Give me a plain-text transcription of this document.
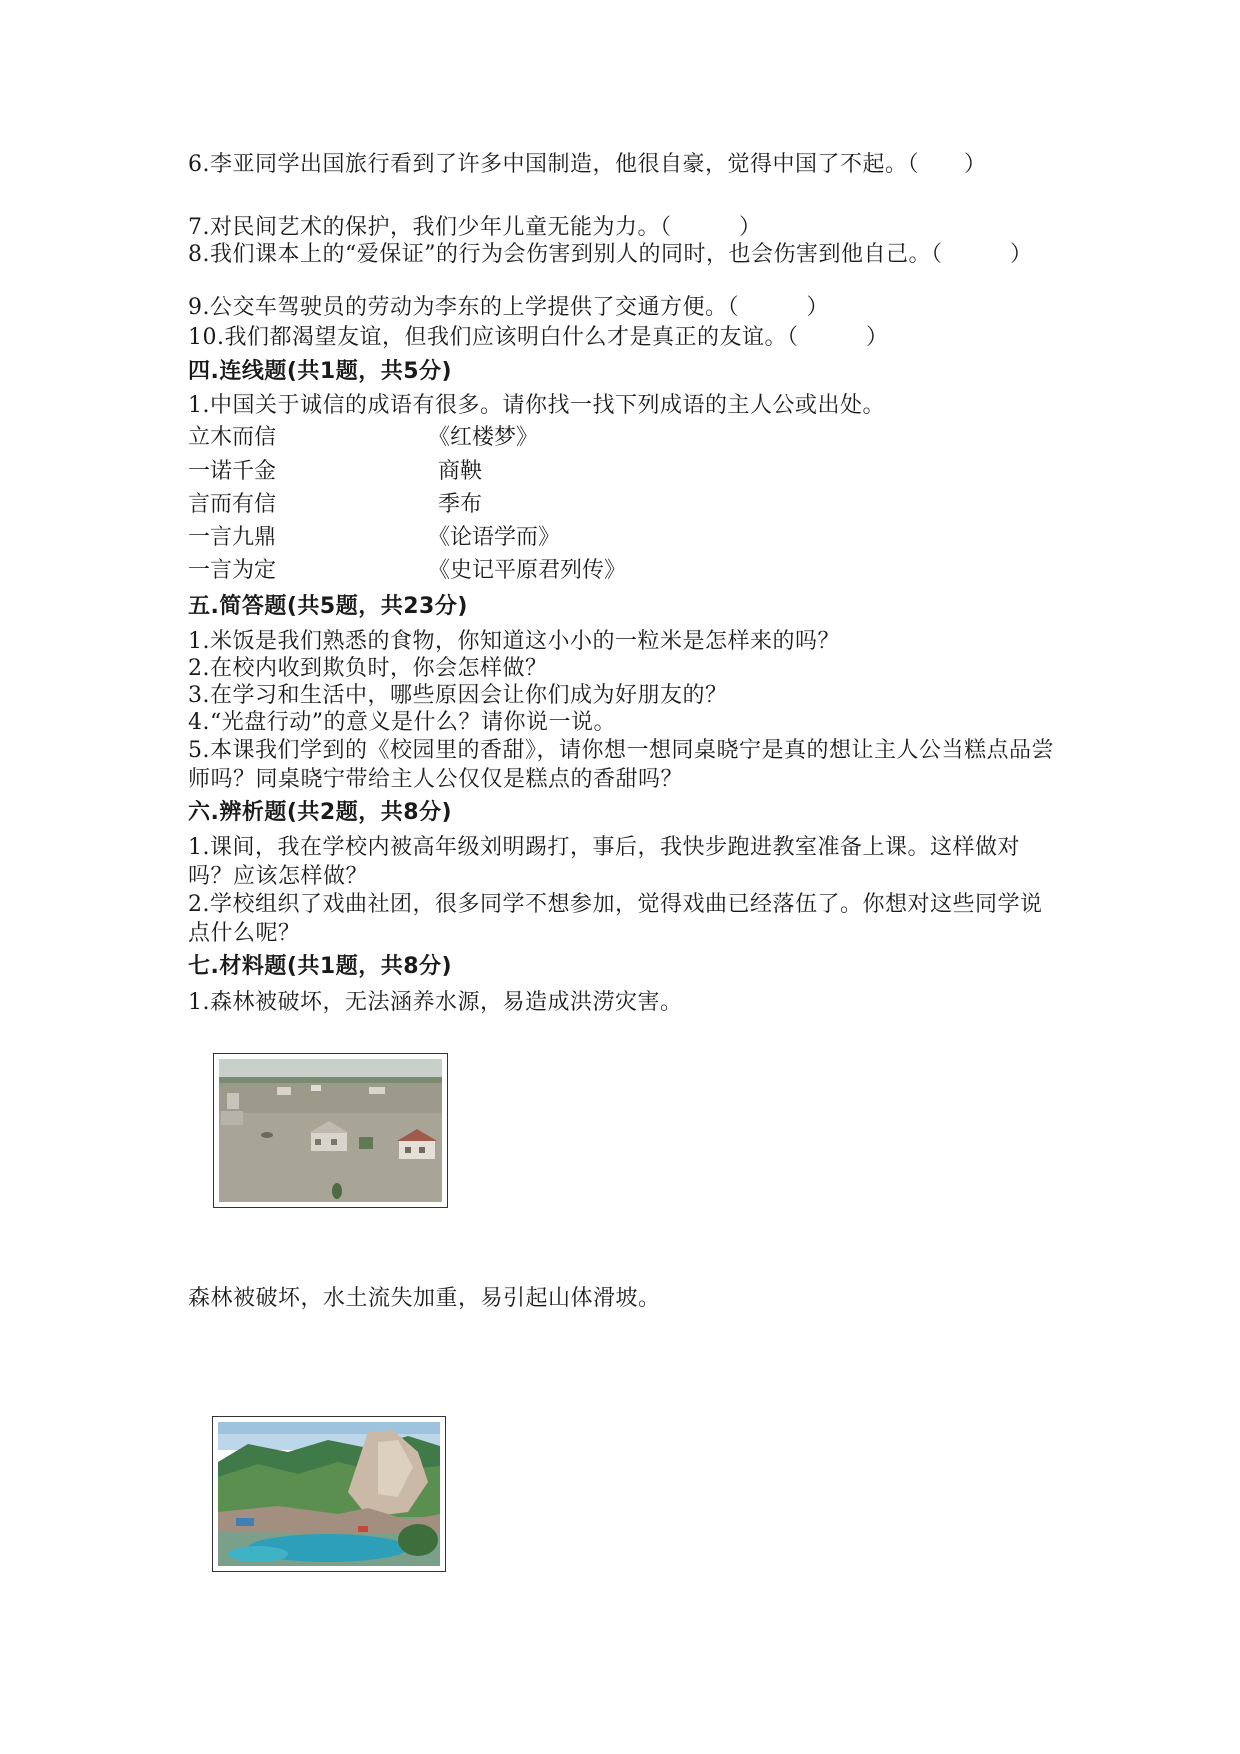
6.李亚同学出国旅行看到了许多中国制造，他很自豪，觉得中国了不起。（　　）
7.对民间艺术的保护，我们少年儿童无能为力。（　　　）
8.我们课本上的“爱保证”的行为会伤害到别人的同时，也会伤害到他自己。（　　　）
9.公交车驾驶员的劳动为李东的上学提供了交通方便。（　　　）
10.我们都渴望友谊，但我们应该明白什么才是真正的友谊。（　　　）
四.连线题(共1题，共5分)
1.中国关于诚信的成语有很多。请你找一找下列成语的主人公或出处。
立木而信
一诺千金
言而有信
一言九鼎
一言为定
《红楼梦》
商鞅
季布
《论语学而》
《史记平原君列传》
五.简答题(共5题，共23分)
1.米饭是我们熟悉的食物，你知道这小小的一粒米是怎样来的吗？
2.在校内收到欺负时，你会怎样做？
3.在学习和生活中，哪些原因会让你们成为好朋友的？
4.“光盘行动”的意义是什么？请你说一说。
5.本课我们学到的《校园里的香甜》，请你想一想同桌晓宁是真的想让主人公当糕点品尝师吗？同桌晓宁带给主人公仅仅是糕点的香甜吗？
六.辨析题(共2题，共8分)
1.课间，我在学校内被高年级刘明踢打，事后，我快步跑进教室准备上课。这样做对吗？应该怎样做？
2.学校组织了戏曲社团，很多同学不想参加，觉得戏曲已经落伍了。你想对这些同学说点什么呢？
七.材料题(共1题，共8分)
1.森林被破坏，无法涵养水源，易造成洪涝灾害。
森林被破坏，水土流失加重，易引起山体滑坡。
